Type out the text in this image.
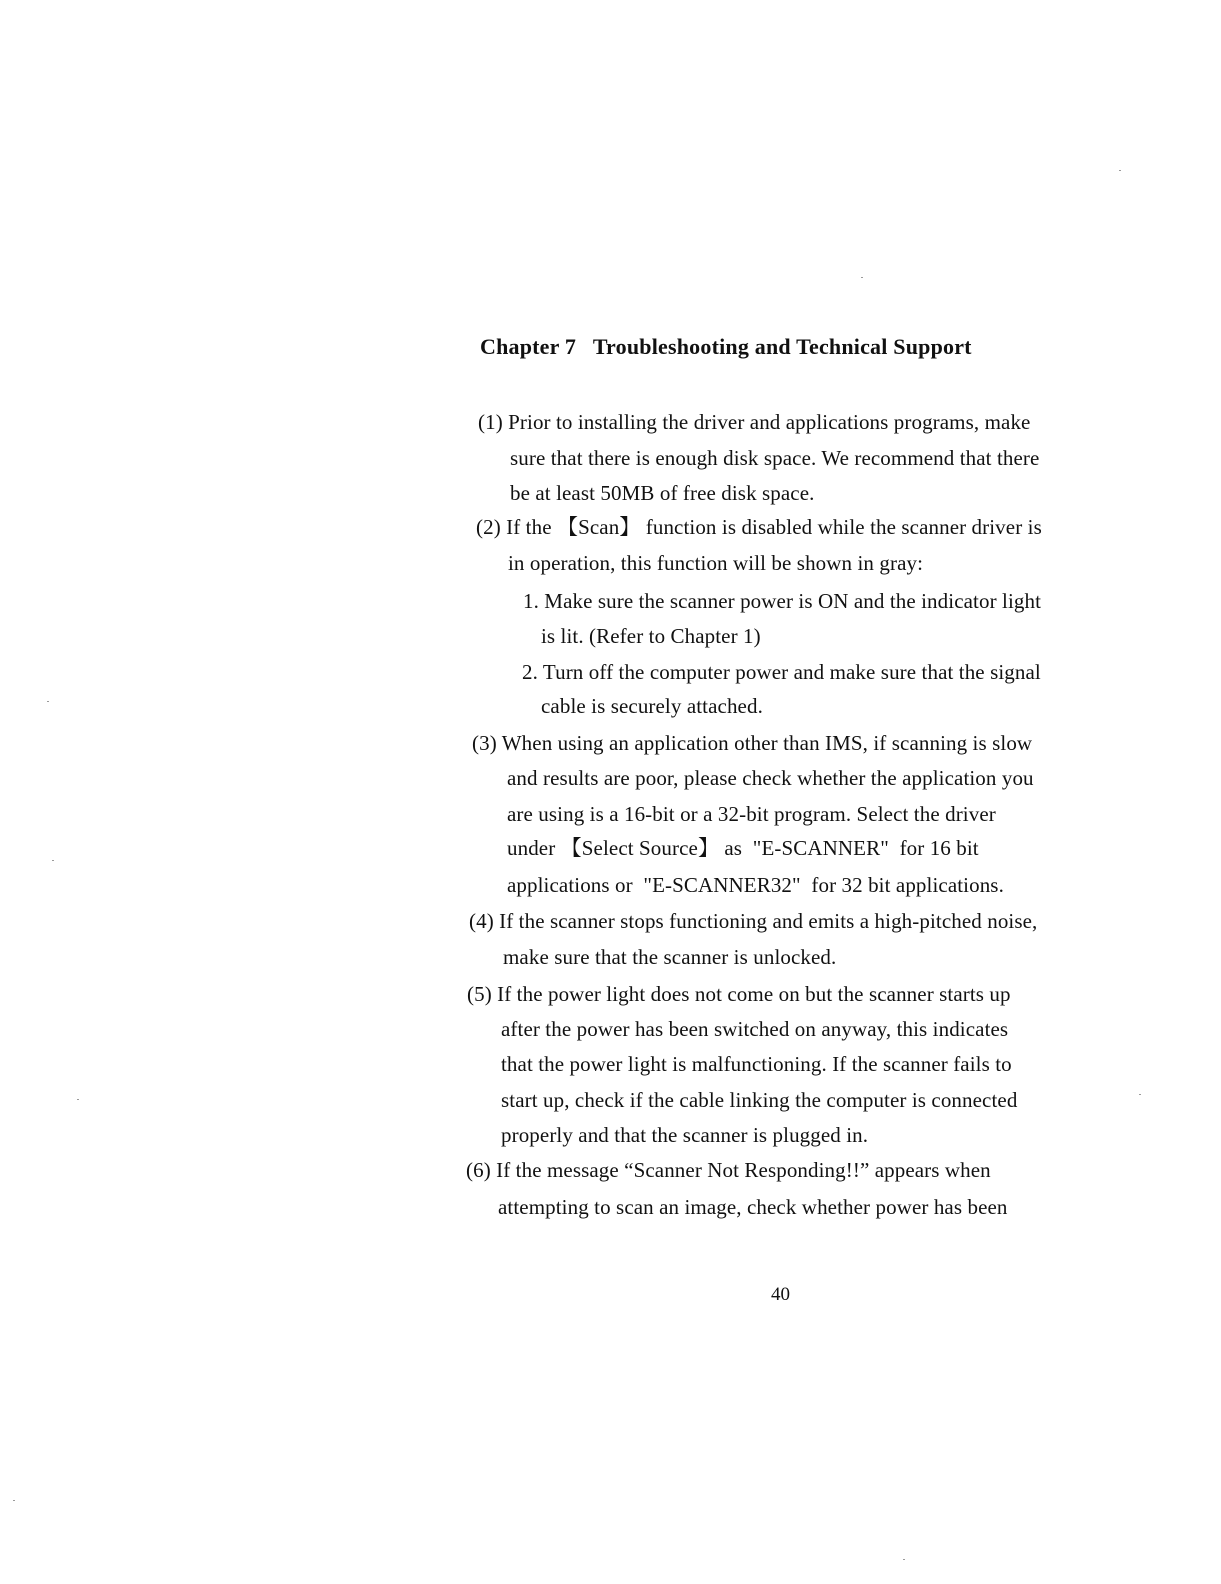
Chapter 7   Troubleshooting and Technical Support
(1) Prior to installing the driver and applications programs, make
sure that there is enough disk space. We recommend that there
be at least 50MB of free disk space.
(2) If the 【Scan】 function is disabled while the scanner driver is
in operation, this function will be shown in gray:
1. Make sure the scanner power is ON and the indicator light
is lit. (Refer to Chapter 1)
2. Turn off the computer power and make sure that the signal
cable is securely attached.
(3) When using an application other than IMS, if scanning is slow
and results are poor, please check whether the application you
are using is a 16-bit or a 32-bit program. Select the driver
under 【Select Source】 as  "E-SCANNER"  for 16 bit
applications or  "E-SCANNER32"  for 32 bit applications.
(4) If the scanner stops functioning and emits a high-pitched noise,
make sure that the scanner is unlocked.
(5) If the power light does not come on but the scanner starts up
after the power has been switched on anyway, this indicates
that the power light is malfunctioning. If the scanner fails to
start up, check if the cable linking the computer is connected
properly and that the scanner is plugged in.
(6) If the message “Scanner Not Responding!!” appears when
attempting to scan an image, check whether power has been
40
